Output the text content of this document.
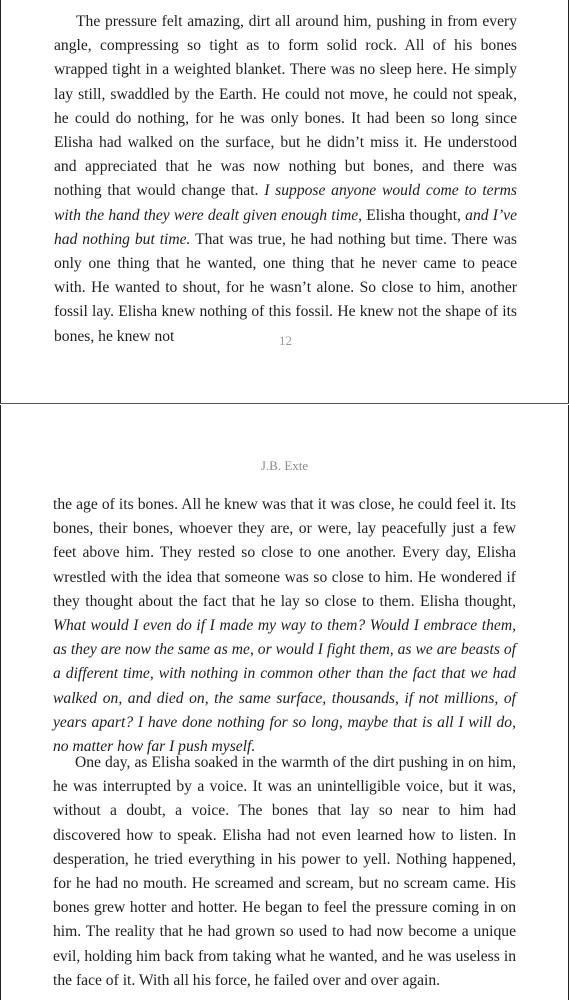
The pressure felt amazing, dirt all around him, pushing in from every angle, compressing so tight as to form solid rock. All of his bones wrapped tight in a weighted blanket. There was no sleep here. He simply lay still, swaddled by the Earth. He could not move, he could not speak, he could do nothing, for he was only bones. It had been so long since Elisha had walked on the surface, but he didn’t miss it. He understood and appreciated that he was now nothing but bones, and there was nothing that would change that. I suppose anyone would come to terms with the hand they were dealt given enough time, Elisha thought, and I’ve had nothing but time. That was true, he had nothing but time. There was only one thing that he wanted, one thing that he never came to peace with. He wanted to shout, for he wasn’t alone. So close to him, another fossil lay. Elisha knew nothing of this fossil. He knew not the shape of its bones, he knew not	12
J.B. Exte

the age of its bones. All he knew was that it was close, he could feel it. Its bones, their bones, whoever they are, or were, lay peacefully just a few feet above him. They rested so close to one another. Every day, Elisha wrestled with the idea that someone was so close to him. He wondered if they thought about the fact that he lay so close to them. Elisha thought, What would I even do if I made my way to them? Would I embrace them, as they are now the same as me, or would I fight them, as we are beasts of a different time, with nothing in common other than the fact that we had walked on, and died on, the same surface, thousands, if not millions, of years apart? I have done nothing for so long, maybe that is all I will do, no matter how far I push myself.

One day, as Elisha soaked in the warmth of the dirt pushing in on him, he was interrupted by a voice. It was an unintelligible voice, but it was, without a doubt, a voice. The bones that lay so near to him had discovered how to speak. Elisha had not even learned how to listen. In desperation, he tried everything in his power to yell. Nothing happened, for he had no mouth. He screamed and scream, but no scream came. His bones grew hotter and hotter. He began to feel the pressure coming in on him. The reality that he had grown so used to had now become a unique evil, holding him back from taking what he wanted, and he was useless in the face of it. With all his force, he failed over and over again.
